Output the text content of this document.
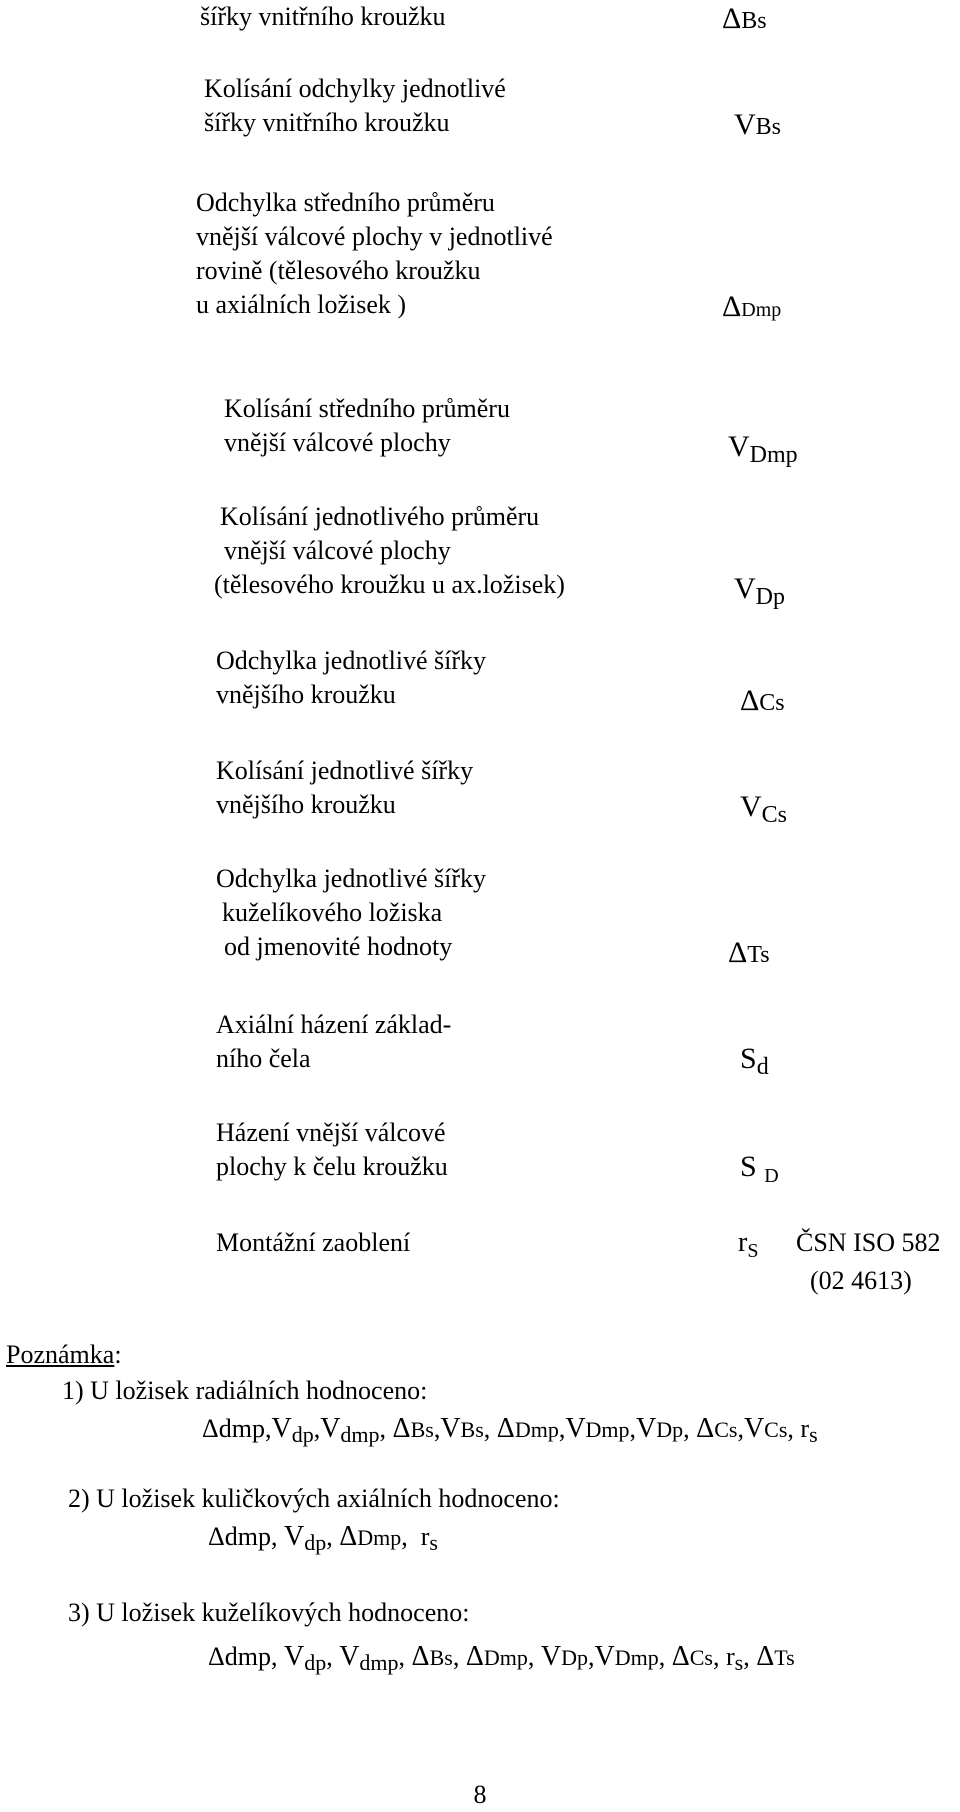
šířky vnitřního kroužku	ΔBs
Kolísání odchylky jednotlivé
šířky vnitřního kroužku	VBs
Odchylka středního průměru
vnější válcové plochy v jednotlivé
rovině (tělesového kroužku
u axiálních ložisek )	ΔDmp
Kolísání středního průměru
vnější válcové plochy	$V_{Dmp}$
Kolísání jednotlivého průměru
vnější válcové plochy
(tělesového kroužku u ax.ložisek)	$V_{Dp}$
Odchylka jednotlivé šířky
vnějšího kroužku	ΔCs
Kolísání jednotlivé šířky
vnějšího kroužku	$V_{Cs}$
Odchylka jednotlivé šířky
kuželíkového ložiska
od jmenovité hodnoty	ΔTs
Axiální házení základ-
ního čela	$S_d$
Házení vnější válcové
plochy k čelu kroužku	S $_D$
Montážní zaoblení	$r_S$ ČSN ISO 582
(02 4613)
Poznámka:
1) U ložisek radiálních hodnoceno:
$\Delta dmp,V_{dp},V_{dmp}$, ΔBs,VBs, ΔDmp,VDmp,VDp, ΔCs,VCs, $r_s$
2) U ložisek kuličkových axiálních hodnoceno:
Δdmp, $V_{dp}$, ΔDmp,  $r_s$
3) U ložisek kuželíkových hodnoceno:
Δdmp, $V_{dp}$, $V_{dmp}$, ΔBs, ΔDmp, VDp,VDmp, ΔCs, $r_s$, ΔTs
8
